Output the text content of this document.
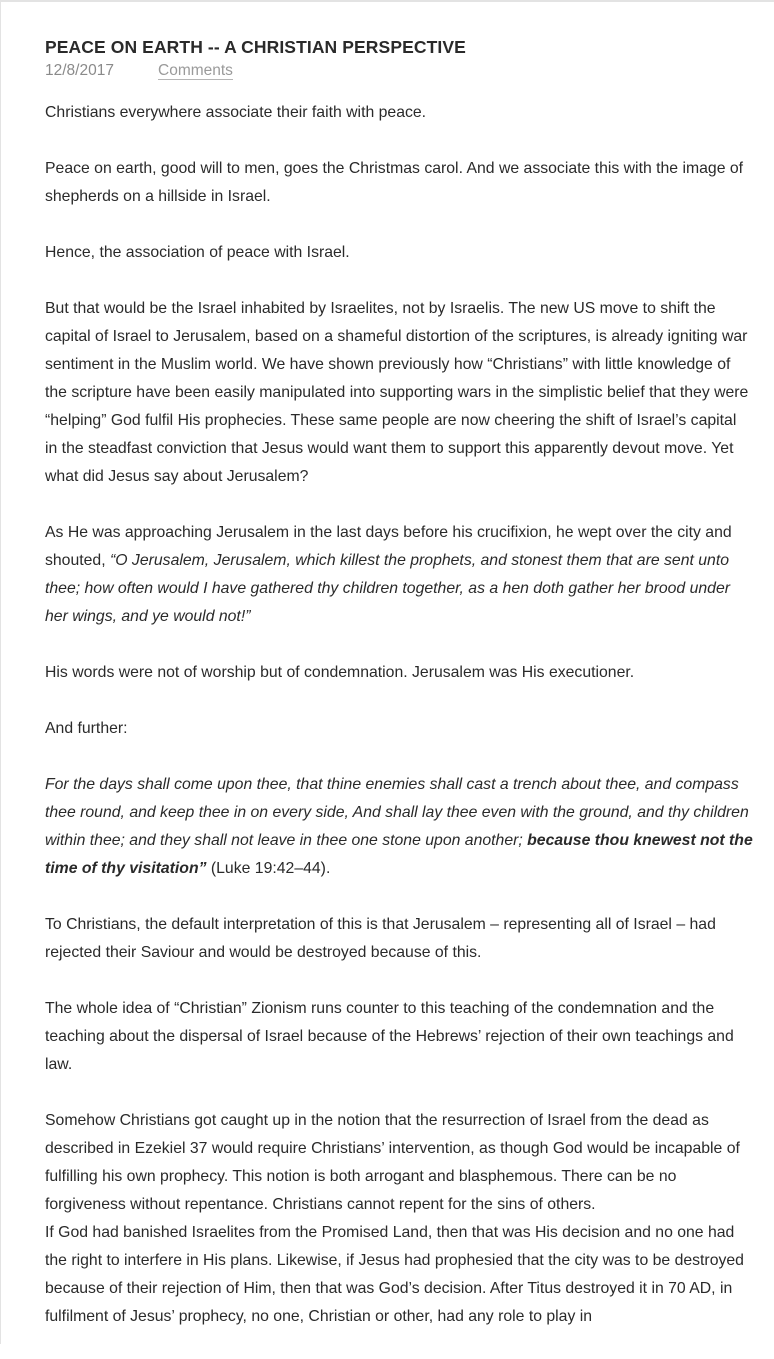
PEACE ON EARTH -- A CHRISTIAN PERSPECTIVE
12/8/2017	Comments

Christians everywhere associate their faith with peace.

Peace on earth, good will to men, goes the Christmas carol. And we associate this with the image of shepherds on a hillside in Israel.

Hence, the association of peace with Israel.

But that would be the Israel inhabited by Israelites, not by Israelis. The new US move to shift the capital of Israel to Jerusalem, based on a shameful distortion of the scriptures, is already igniting war sentiment in the Muslim world. We have shown previously how “Christians” with little knowledge of the scripture have been easily manipulated into supporting wars in the simplistic belief that they were “helping” God fulfil His prophecies. These same people are now cheering the shift of Israel’s capital in the steadfast conviction that Jesus would want them to support this apparently devout move. Yet what did Jesus say about Jerusalem?

As He was approaching Jerusalem in the last days before his crucifixion, he wept over the city and shouted, “O Jerusalem, Jerusalem, which killest the prophets, and stonest them that are sent unto thee; how often would I have gathered thy children together, as a hen doth gather her brood under her wings, and ye would not!”

His words were not of worship but of condemnation. Jerusalem was His executioner.

And further:

For the days shall come upon thee, that thine enemies shall cast a trench about thee, and compass thee round, and keep thee in on every side, And shall lay thee even with the ground, and thy children within thee; and they shall not leave in thee one stone upon another; because thou knewest not the time of thy visitation” (Luke 19:42–44).

To Christians, the default interpretation of this is that Jerusalem – representing all of Israel – had rejected their Saviour and would be destroyed because of this.

The whole idea of “Christian” Zionism runs counter to this teaching of the condemnation and the teaching about the dispersal of Israel because of the Hebrews’ rejection of their own teachings and law.

Somehow Christians got caught up in the notion that the resurrection of Israel from the dead as described in Ezekiel 37 would require Christians’ intervention, as though God would be incapable of fulfilling his own prophecy. This notion is both arrogant and blasphemous. There can be no forgiveness without repentance. Christians cannot repent for the sins of others.

If God had banished Israelites from the Promised Land, then that was His decision and no one had the right to interfere in His plans. Likewise, if Jesus had prophesied that the city was to be destroyed because of their rejection of Him, then that was God’s decision. After Titus destroyed it in 70 AD, in fulfilment of Jesus’ prophecy, no one, Christian or other, had any role to play in
